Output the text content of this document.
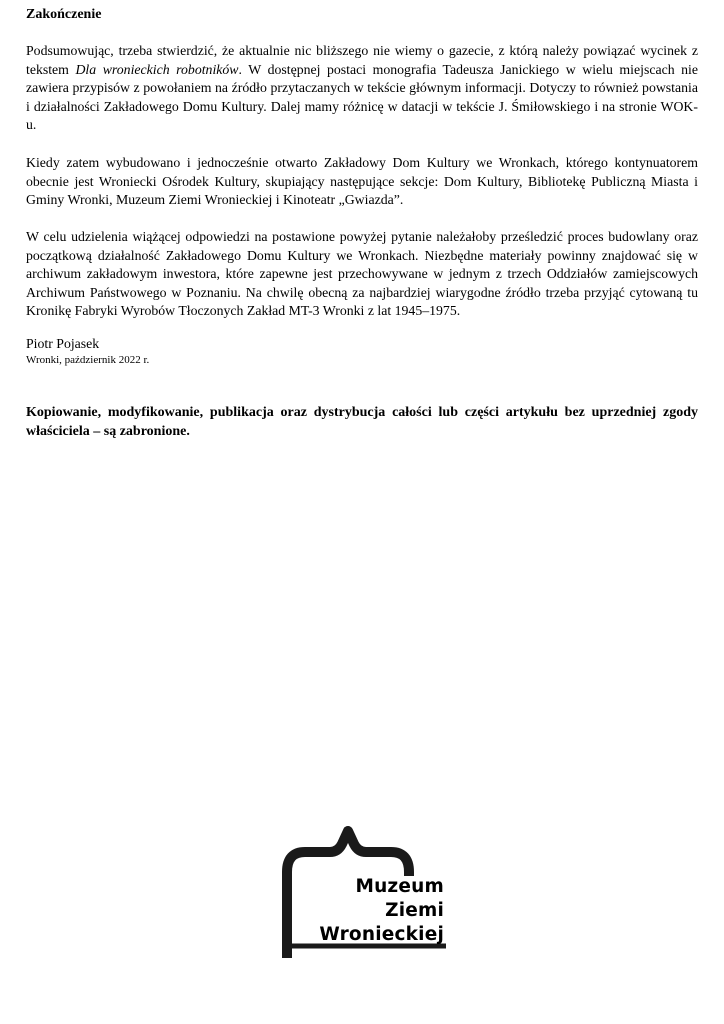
Zakończenie

Podsumowując, trzeba stwierdzić, że aktualnie nic bliższego nie wiemy o gazecie, z którą należy powiązać wycinek z tekstem Dla wronieckich robotników. W dostępnej postaci monografia Tadeusza Janickiego w wielu miejscach nie zawiera przypisów z powołaniem na źródło przytaczanych w tekście głównym informacji. Dotyczy to również powstania i działalności Zakładowego Domu Kultury. Dalej mamy różnicę w datacji w tekście J. Śmiłowskiego i na stronie WOK-u.

Kiedy zatem wybudowano i jednocześnie otwarto Zakładowy Dom Kultury we Wronkach, którego kontynuatorem obecnie jest Wroniecki Ośrodek Kultury, skupiający następujące sekcje: Dom Kultury, Bibliotekę Publiczną Miasta i Gminy Wronki, Muzeum Ziemi Wronieckiej i Kinoteatr „Gwiazda”.

W celu udzielenia wiążącej odpowiedzi na postawione powyżej pytanie należałoby prześledzić proces budowlany oraz początkową działalność Zakładowego Domu Kultury we Wronkach. Niezbędne materiały powinny znajdować się w archiwum zakładowym inwestora, które zapewne jest przechowywane w jednym z trzech Oddziałów zamiejscowych Archiwum Państwowego w Poznaniu. Na chwilę obecną za najbardziej wiarygodne źródło trzeba przyjąć cytowaną tu Kronikę Fabryki Wyrobów Tłoczonych Zakład MT-3 Wronki z lat 1945–1975.

Piotr Pojasek

Wronki, październik 2022 r.

Kopiowanie, modyfikowanie, publikacja oraz dystrybucja całości lub części artykułu bez uprzedniej zgody właściciela – są zabronione.

Muzeum
Ziemi
Wronieckiej
